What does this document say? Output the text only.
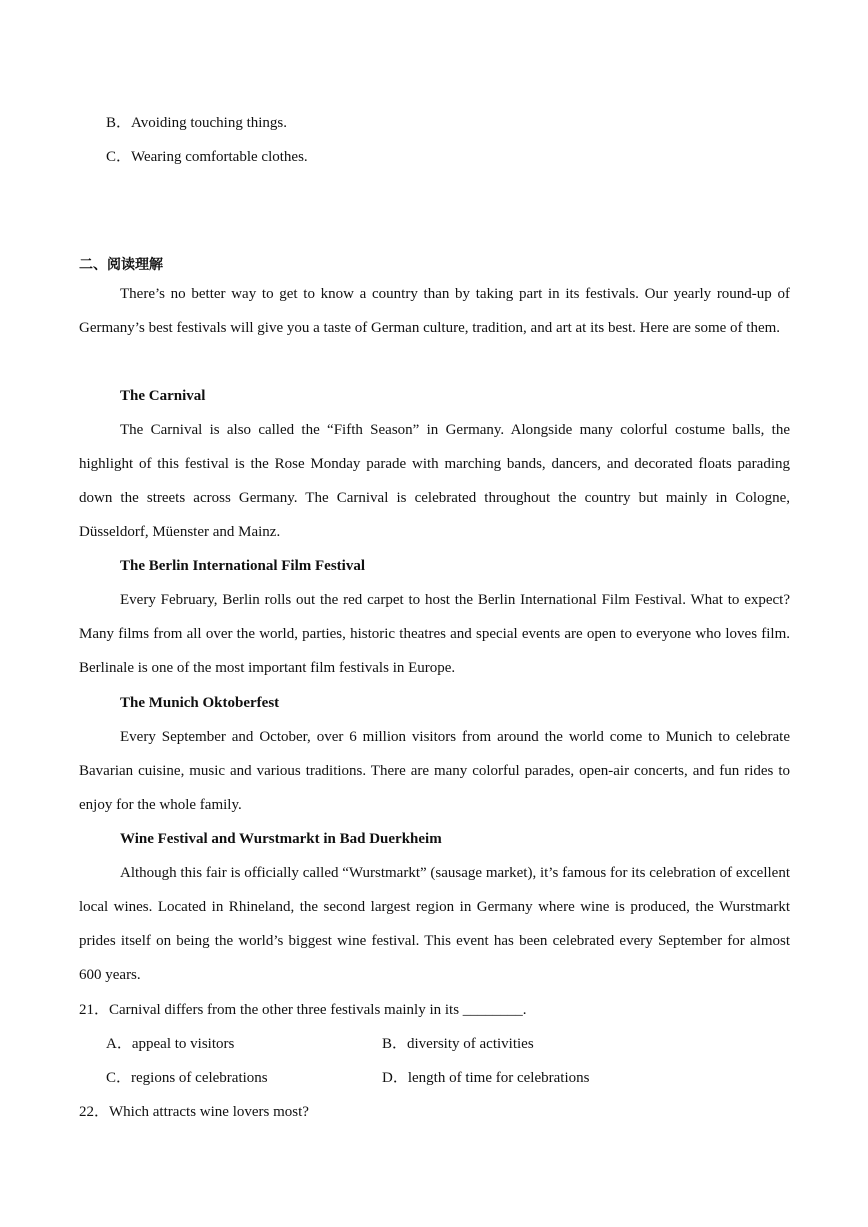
B．Avoiding touching things.
C．Wearing comfortable clothes.
二、阅读理解
There’s no better way to get to know a country than by taking part in its festivals. Our yearly round-up of Germany’s best festivals will give you a taste of German culture, tradition, and art at its best. Here are some of them.
The Carnival
The Carnival is also called the “Fifth Season” in Germany. Alongside many colorful costume balls, the highlight of this festival is the Rose Monday parade with marching bands, dancers, and decorated floats parading down the streets across Germany. The Carnival is celebrated throughout the country but mainly in Cologne, Düsseldorf, Müenster and Mainz.
The Berlin International Film Festival
Every February, Berlin rolls out the red carpet to host the Berlin International Film Festival. What to expect? Many films from all over the world, parties, historic theatres and special events are open to everyone who loves film. Berlinale is one of the most important film festivals in Europe.
The Munich Oktoberfest
Every September and October, over 6 million visitors from around the world come to Munich to celebrate Bavarian cuisine, music and various traditions. There are many colorful parades, open-air concerts, and fun rides to enjoy for the whole family.
Wine Festival and Wurstmarkt in Bad Duerkheim
Although this fair is officially called “Wurstmarkt” (sausage market), it’s famous for its celebration of excellent local wines. Located in Rhineland, the second largest region in Germany where wine is produced, the Wurstmarkt prides itself on being the world’s biggest wine festival. This event has been celebrated every September for almost 600 years.
21．Carnival differs from the other three festivals mainly in its ________.
A．appeal to visitors	B．diversity of activities
C．regions of celebrations	D．length of time for celebrations
22．Which attracts wine lovers most?
